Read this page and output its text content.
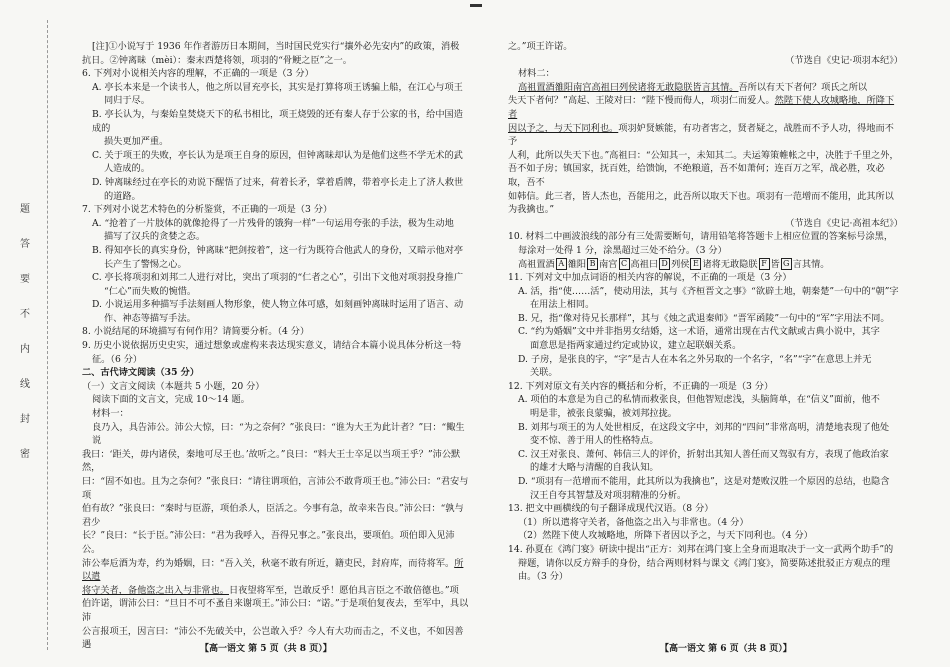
题
答
要
不
内
线
封
密

[注]①小说写于 1936 年作者游历日本期间，当时国民党实行“攘外必先安内”的政策，消极

抗日。②钟离昧（mèi）：秦末西楚将领，项羽的“骨鲠之臣”之一。

6. 下列对小说相关内容的理解，不正确的一项是（3 分）

A. 亭长本来是一个读书人，他之所以冒充亭长，其实是打算将项王诱骗上船，在江心与项王

同归于尽。

B. 亭长认为，与秦始皇焚烧天下的私书相比，项王烧毁的还有秦人存于公家的书，给中国造成的

损失更加严重。

C. 关于项王的失败，亭长认为是项王自身的原因，但钟离昧却认为是他们这些不学无术的武

人造成的。

D. 钟离昧经过在亭长的劝说下醒悟了过来，荷着长矛，掌着盾牌，带着亭长走上了济人救世

的道路。

7. 下列对小说艺术特色的分析鉴赏，不正确的一项是（3 分）

A. “抢着了一片肢体的就像抢得了一片残骨的饿狗一样”一句运用夸张的手法，极为生动地

描写了汉兵的贪婪之态。

B. 得知亭长的真实身份，钟离昧“把剑按着”，这一行为既符合他武人的身份，又暗示他对亭

长产生了警惕之心。

C. 亭长将项羽和刘邦二人进行对比，突出了项羽的“仁者之心”，引出下文他对项羽投身推广

“仁心”而失败的惋惜。

D. 小说运用多种描写手法刻画人物形象，使人物立体可感，如刻画钟离昧时运用了语言、动

作、神态等描写手法。

8. 小说结尾的环境描写有何作用？请简要分析。（4 分）

9. 历史小说依据历史史实，通过想象或虚构来表达现实意义，请结合本篇小说具体分析这一特

征。（6 分）

二、古代诗文阅读（35 分）

（一）文言文阅读（本题共 5 小题，20 分）

阅读下面的文言文，完成 10～14 题。

材料一：

良乃入，具告沛公。沛公大惊，曰：“为之奈何？”张良曰：“谁为大王为此计者？”曰：“鲰生说

我曰：‘距关，毋内诸侯，秦地可尽王也。’故听之。”良曰：“料大王士卒足以当项王乎？”沛公默然，

曰：“固不如也。且为之奈何？”张良曰：“请往谓项伯，言沛公不敢背项王也。”沛公曰：“君安与项

伯有故？”张良曰：“秦时与臣游，项伯杀人，臣活之。今事有急，故幸来告良。”沛公曰：“孰与君少

长？”良曰：“长于臣。”沛公曰：“君为我呼入，吾得兄事之。”张良出，要项伯。项伯即入见沛公。

沛公奉卮酒为寿，约为婚姻，曰：“吾入关，秋毫不敢有所近，籍吏民，封府库，而待将军。所以遣

将守关者，备他盗之出入与非常也。日夜望将军至，岂敢反乎！愿伯具言臣之不敢倍德也。”项

伯许诺，谓沛公曰：“旦日不可不蚤自来谢项王。”沛公曰：“诺。”于是项伯复夜去，至军中，具以沛

公言报项王，因言曰：“沛公不先破关中，公岂敢入乎？今人有大功而击之，不义也，不如因善遇

之。”项王许诺。

（节选自《史记·项羽本纪》）

材料二：

高祖置酒雒阳南宫高祖曰列侯诸将无敢隐朕皆言其情。吾所以有天下者何？项氏之所以

失天下者何？”高起、王陵对曰：“陛下慢而侮人，项羽仁而爱人。然陛下使人攻城略地，所降下者

因以予之，与天下同利也。项羽妒贤嫉能，有功者害之，贤者疑之，战胜而不予人功，得地而不予

人利，此所以失天下也。”高祖曰：“公知其一，未知其二。夫运筹策帷帐之中，决胜于千里之外，

吾不如子房；镇国家，抚百姓，给馈饷，不绝粮道，吾不如萧何；连百万之军，战必胜，攻必取，吾不

如韩信。此三者，皆人杰也，吾能用之，此吾所以取天下也。项羽有一范增而不能用，此其所以

为我擒也。”

（节选自《史记·高祖本纪》）

10. 材料二中画波浪线的部分有三处需要断句，请用铅笔将答题卡上相应位置的答案标号涂黑，

每涂对一处得 1 分，涂黑超过三处不给分。（3 分）

高祖置酒 A 雒阳 B 南宫 C 高祖曰 D 列侯 E 诸将无敢隐朕 F 皆 G 言其情。

11. 下列对文中加点词语的相关内容的解说，不正确的一项是（3 分）

A. 活，指“使……活”，使动用法，其与《齐桓晋文之事》“欲辟土地，朝秦楚”一句中的“朝”字

在用法上相同。

B. 兄，指“像对待兄长那样”，其与《烛之武退秦师》“晋军函陵”一句中的“军”字用法不同。

C. “约为婚姻”文中并非指男女结婚，这一术语，通常出现在古代文献或古典小说中，其字

面意思是指两家通过约定或协议，建立起联姻关系。

D. 子房，是张良的字，“字”是古人在本名之外另取的一个名字，“名”“字”在意思上并无

关联。

12. 下列对原文有关内容的概括和分析，不正确的一项是（3 分）

A. 项伯的本意是为自己的私情而救张良，但他智短虑浅，头脑简单，在“信义”面前，他不

明是非，被张良蒙骗，被刘邦拉拢。

B. 刘邦与项王的为人处世相反，在这段文字中，刘邦的“四问”非常高明，清楚地表现了他处

变不惊、善于用人的性格特点。

C. 汉王对张良、萧何、韩信三人的评价，折射出其知人善任而又驾驭有方，表现了他政治家

的雄才大略与清醒的自我认知。

D. “项羽有一范增而不能用，此其所以为我擒也”，这是对楚败汉胜一个原因的总结，也隐含

汉王自夸其智慧及对项羽精准的分析。

13. 把文中画横线的句子翻译成现代汉语。（8 分）

（1）所以遣将守关者，备他盗之出入与非常也。（4 分）

（2）然陛下使人攻城略地，所降下者因以予之，与天下同利也。（4 分）

14. 孙夏在《鸿门宴》研读中提出“正方：刘邦在鸿门宴上全身而退取决于一文一武两个助手”的

辩题，请你以反方辩手的身份，结合两则材料与课文《鸿门宴》，简要陈述批驳正方观点的理

由。（3 分）

【高一语文 第 5 页（共 8 页）】	【高一语文 第 6 页（共 8 页）】
